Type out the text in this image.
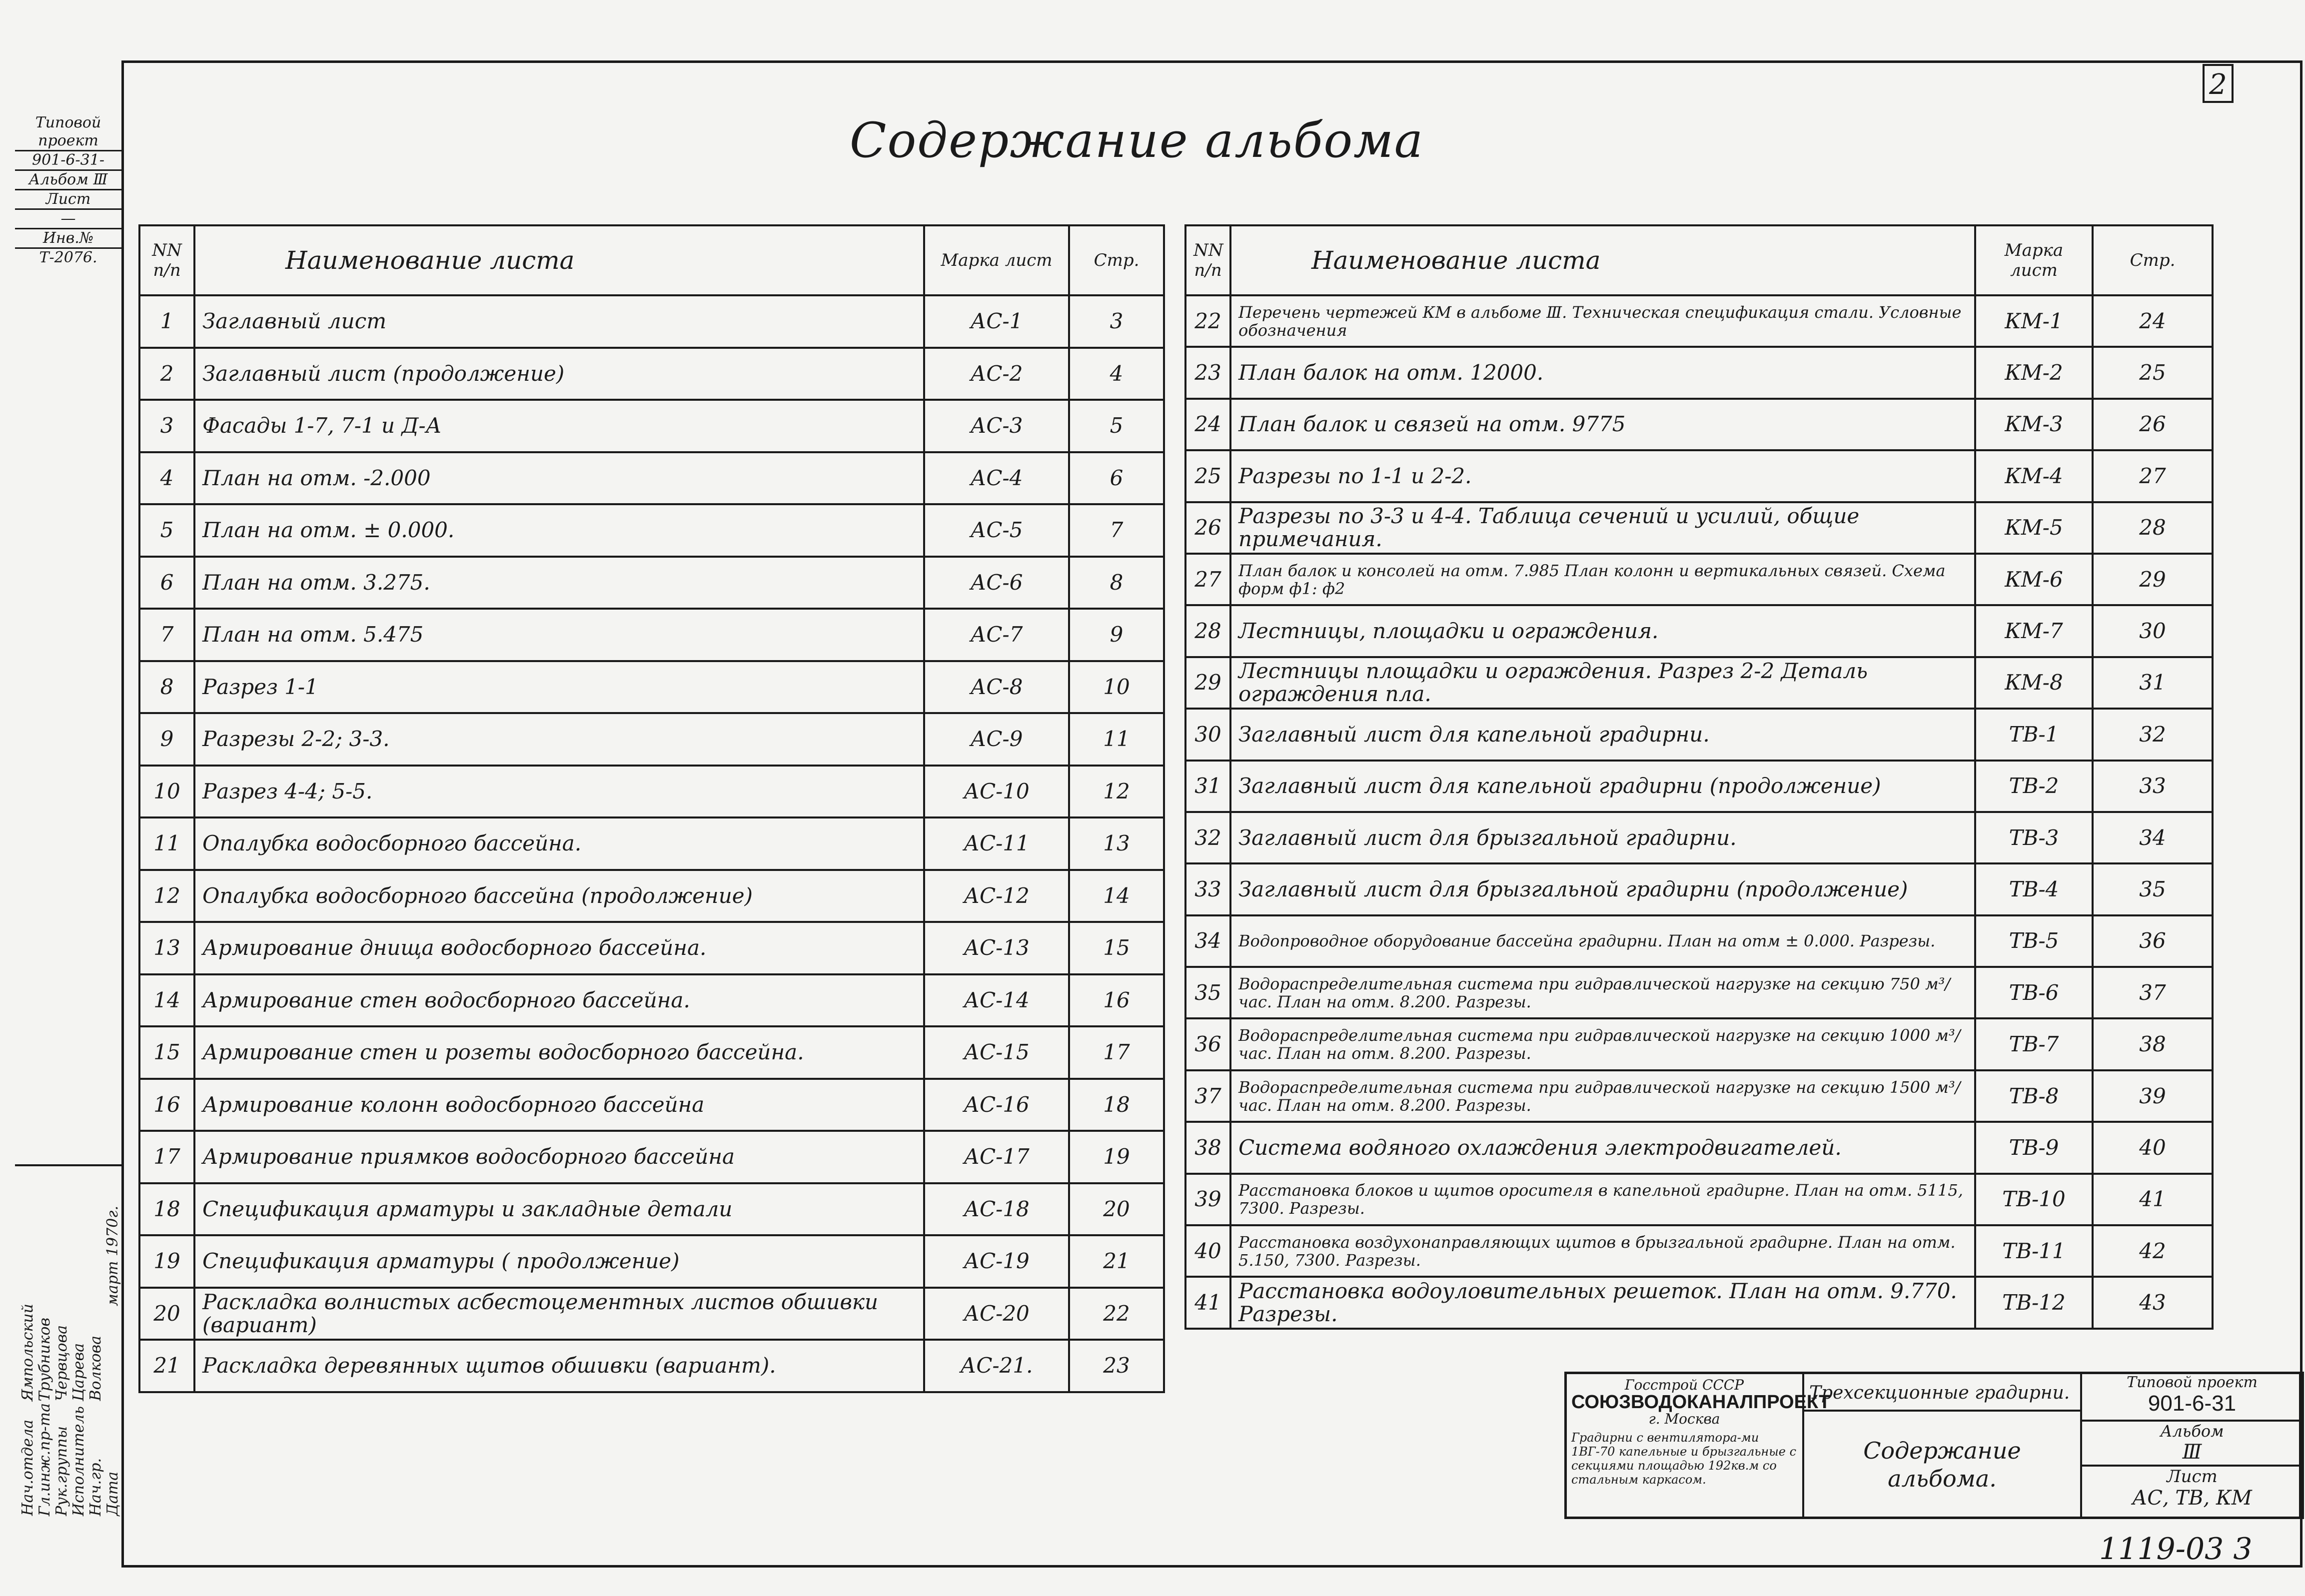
2
Содержание альбома
Типовой проект
901-6-31-
Альбом Ⅲ
Лист
—
Инв.№
Т-2076.	NN п/п	Наименование листа	Марка лист	Стр.
1	Заглавный лист	АС-1	3
2	Заглавный лист (продолжение)	АС-2	4
3	Фасады 1-7, 7-1 и Д-А	АС-3	5
4	План на отм. -2.000	АС-4	6
5	План на отм. ± 0.000.	АС-5	7
6	План на отм. 3.275.	АС-6	8
7	План на отм. 5.475	АС-7	9
8	Разрез 1-1	АС-8	10
9	Разрезы 2-2; 3-3.	АС-9	11
10	Разрез 4-4; 5-5.	АС-10	12
11	Опалубка водосборного бассейна.	АС-11	13
12	Опалубка водосборного бассейна (продолжение)	АС-12	14
13	Армирование днища водосборного бассейна.	АС-13	15
14	Армирование стен водосборного бассейна.	АС-14	16
15	Армирование стен и розеты водосборного бассейна.	АС-15	17
16	Армирование колонн водосборного бассейна	АС-16	18
17	Армирование приямков водосборного бассейна	АС-17	19
18	Спецификация арматуры и закладные детали	АС-18	20
19	Спецификация арматуры ( продолжение)	АС-19	21
20	Раскладка волнистых асбестоцементных листов обшивки (вариант)	АС-20	22
21	Раскладка деревянных щитов обшивки (вариант).	АС-21.	23
NN п/п	Наименование листа	Марка лист	Стр.
22	Перечень чертежей КМ в альбоме Ⅲ. Техническая спецификация стали. Условные обозначения	КМ-1	24
23	План балок на отм. 12000.	КМ-2	25
24	План балок и связей на отм. 9775	КМ-3	26
25	Разрезы по 1-1 и 2-2.	КМ-4	27
26	Разрезы по 3-3 и 4-4. Таблица сечений и усилий, общие примечания.	КМ-5	28
27	План балок и консолей на отм. 7.985 План колонн и вертикальных связей. Схема форм ф1: ф2	КМ-6	29
28	Лестницы, площадки и ограждения.	КМ-7	30
29	Лестницы площадки и ограждения. Разрез 2-2 Деталь ограждения пла.	КМ-8	31
30	Заглавный лист для капельной градирни.	ТВ-1	32
31	Заглавный лист для капельной градирни (продолжение)	ТВ-2	33
32	Заглавный лист для брызгальной градирни.	ТВ-3	34
33	Заглавный лист для брызгальной градирни (продолжение)	ТВ-4	35
34	Водопроводное оборудование бассейна градирни. План на отм ± 0.000. Разрезы.	ТВ-5	36
35	Водораспределительная система при гидравлической нагрузке на секцию 750 м³/час. План на отм. 8.200. Разрезы.	ТВ-6	37
36	Водораспределительная система при гидравлической нагрузке на секцию 1000 м³/час. План на отм. 8.200. Разрезы.	ТВ-7	38
37	Водораспределительная система при гидравлической нагрузке на секцию 1500 м³/час. План на отм. 8.200. Разрезы.	ТВ-8	39
38	Система водяного охлаждения электродвигателей.	ТВ-9	40
39	Расстановка блоков и щитов оросителя в капельной градирне. План на отм. 5115, 7300. Разрезы.	ТВ-10	41
40	Расстановка воздухонаправляющих щитов в брызгальной градирне. План на отм. 5.150, 7300. Разрезы.	ТВ-11	42
41	Расстановка водоуловительных решеток. План на отм. 9.770. Разрезы.	ТВ-12	43
Нач.отдела Гл.инж.пр-та Рук.группы Исполнитель Нач.гр. Дата
Ямпольский Трубников Червцова Царева Волкова
март 1970г.
Госстрой СССР
СОЮЗВОДОКАНАЛПРОЕКТ
г. Москва
Градирни с вентилятора-ми 1ВГ-70 капельные и брызгальные с секциями площадью 192кв.м со стальным каркасом.
Трехсекционные градирни.
Содержание альбома.
Типовой проект
901-6-31
Альбом
Ⅲ
Лист
АС, ТВ, КМ
1119-03 3
